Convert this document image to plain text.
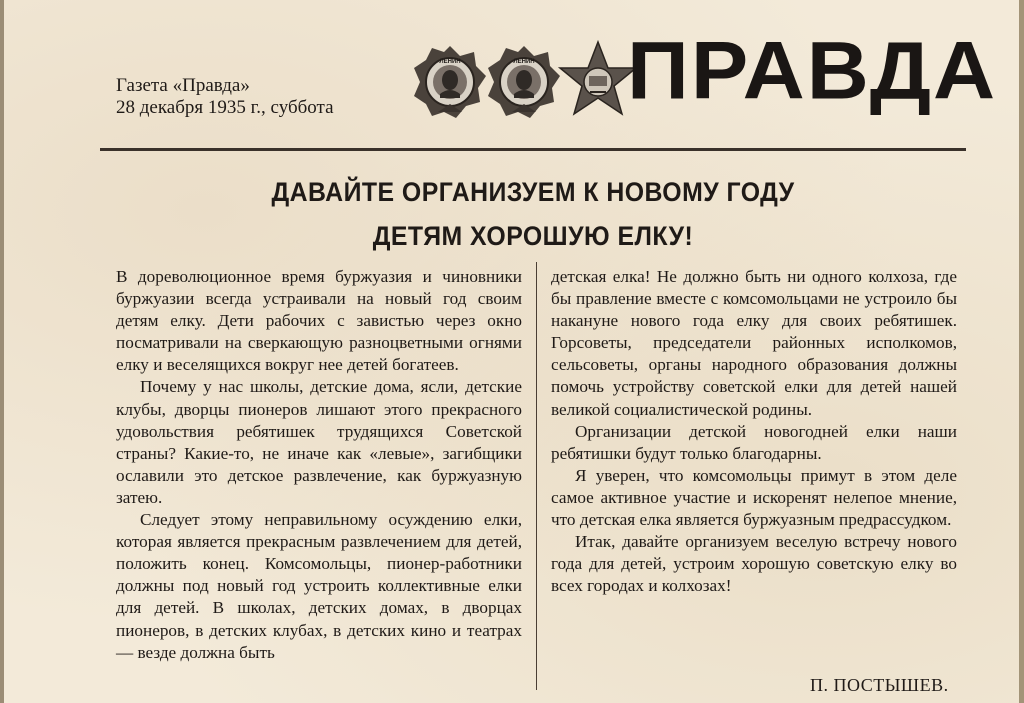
Газета «Правда»
28 декабря 1935 г., суббота
ЛЕНИН	ЛЕНИН ПРАВДА
ДАВАЙТЕ ОРГАНИЗУЕМ К НОВОМУ ГОДУ
ДЕТЯМ ХОРОШУЮ ЕЛКУ!

В дореволюционное время буржуазия и чиновники буржуазии всегда устраивали на новый год своим детям елку. Дети рабочих с завистью через окно посматривали на сверкающую разноцветными огнями елку и веселящихся вокруг нее детей богатеев.

Почему у нас школы, детские дома, ясли, детские клубы, дворцы пионеров лишают этого прекрасного удовольствия ребятишек трудящихся Советской страны? Какие-то, не иначе как «левые», загибщики ославили это детское развлечение, как буржуазную затею.

Следует этому неправильному осуждению елки, которая является прекрасным развлечением для детей, положить конец. Комсомольцы, пионер-работники должны под новый год устроить коллективные елки для детей. В школах, детских домах, в дворцах пионеров, в детских клубах, в детских кино и театрах — везде должна быть

детская елка! Не должно быть ни одного колхоза, где бы правление вместе с комсомольцами не устроило бы накануне нового года елку для своих ребятишек. Горсоветы, председатели районных исполкомов, сельсоветы, органы народного образования должны помочь устройству советской елки для детей нашей великой социалистической родины.

Организации детской новогодней елки наши ребятишки будут только благодарны.

Я уверен, что комсомольцы примут в этом деле самое активное участие и искоренят нелепое мнение, что детская елка является буржуазным предрассудком.

Итак, давайте организуем веселую встречу нового года для детей, устроим хорошую советскую елку во всех городах и колхозах!

П. ПОСТЫШЕВ.
